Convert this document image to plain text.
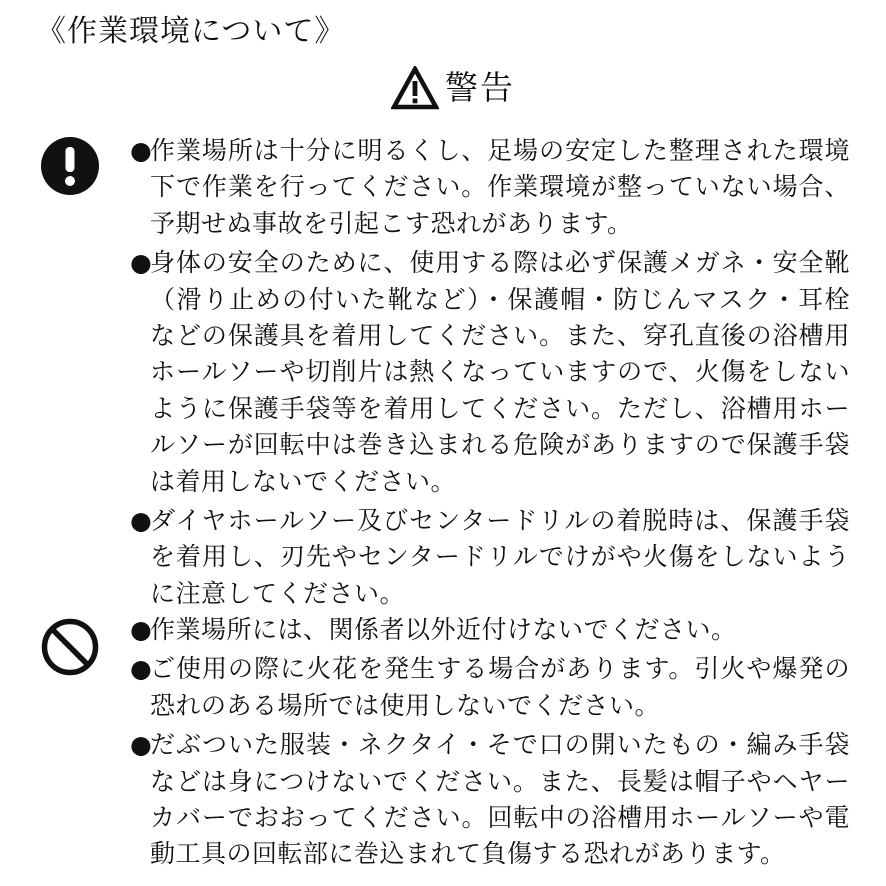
《作業環境について》
警告
●
作業場所は十分に明るくし、足場の安定した整理された環境下で作業を行ってください。作業環境が整っていない場合、予期せぬ事故を引起こす恐れがあります。
●
身体の安全のために、使用する際は必ず保護メガネ・安全靴（滑り止めの付いた靴など）・保護帽・防じんマスク・耳栓などの保護具を着用してください。また、穿孔直後の浴槽用ホールソーや切削片は熱くなっていますので、火傷をしないように保護手袋等を着用してください。ただし、浴槽用ホールソーが回転中は巻き込まれる危険がありますので保護手袋は着用しないでください。
●
ダイヤホールソー及びセンタードリルの着脱時は、保護手袋を着用し、刃先やセンタードリルでけがや火傷をしないように注意してください。
●
作業場所には、関係者以外近付けないでください。
●
ご使用の際に火花を発生する場合があります。引火や爆発の恐れのある場所では使用しないでください。
●
だぶついた服装・ネクタイ・そで口の開いたもの・編み手袋などは身につけないでください。また、長髪は帽子やヘヤーカバーでおおってください。回転中の浴槽用ホールソーや電動工具の回転部に巻込まれて負傷する恐れがあります。
